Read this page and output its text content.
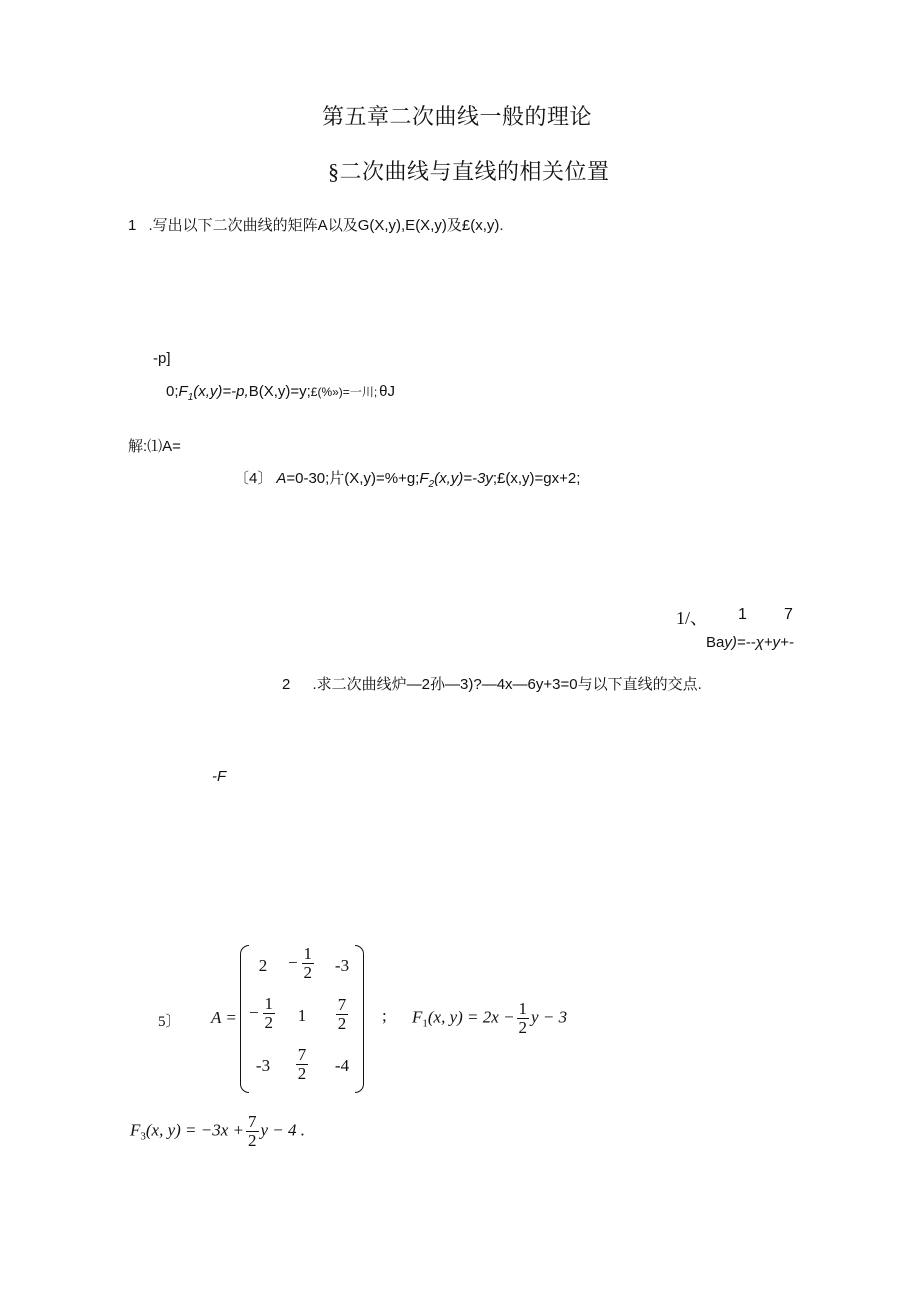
第五章二次曲线一般的理论
§二次曲线与直线的相关位置
1 .写出以下二次曲线的矩阵A以及G(X,y),E(X,y)及£(x,y).
-p]
$0;F_1(x,y)=-p,B(X,y)=y;£(\%»)=$一川; θJ
解:⑴A=
〔4〕 A=0-30;片$(X,y)=\%+g;F_2(x,y)=-3y;£(x,y)=gx+2$;
1/、 1 7
Bay)=--χ+y+-
2 .求二次曲线炉—2孙—3)?—4x—6y+3=0与以下直线的交点.
-F
5〕 A =
2	− $\frac{1}{2}$	-3
− $\frac{1}{2}$	1	$\frac{7}{2}$
-3	$\frac{7}{2}$	-4
; $F_1(x$, $y) = 2x - \frac{1}{2}$ y − 3
$F_3(x$, $y) = -3x + \frac{7}{2}$ y − 4 .
